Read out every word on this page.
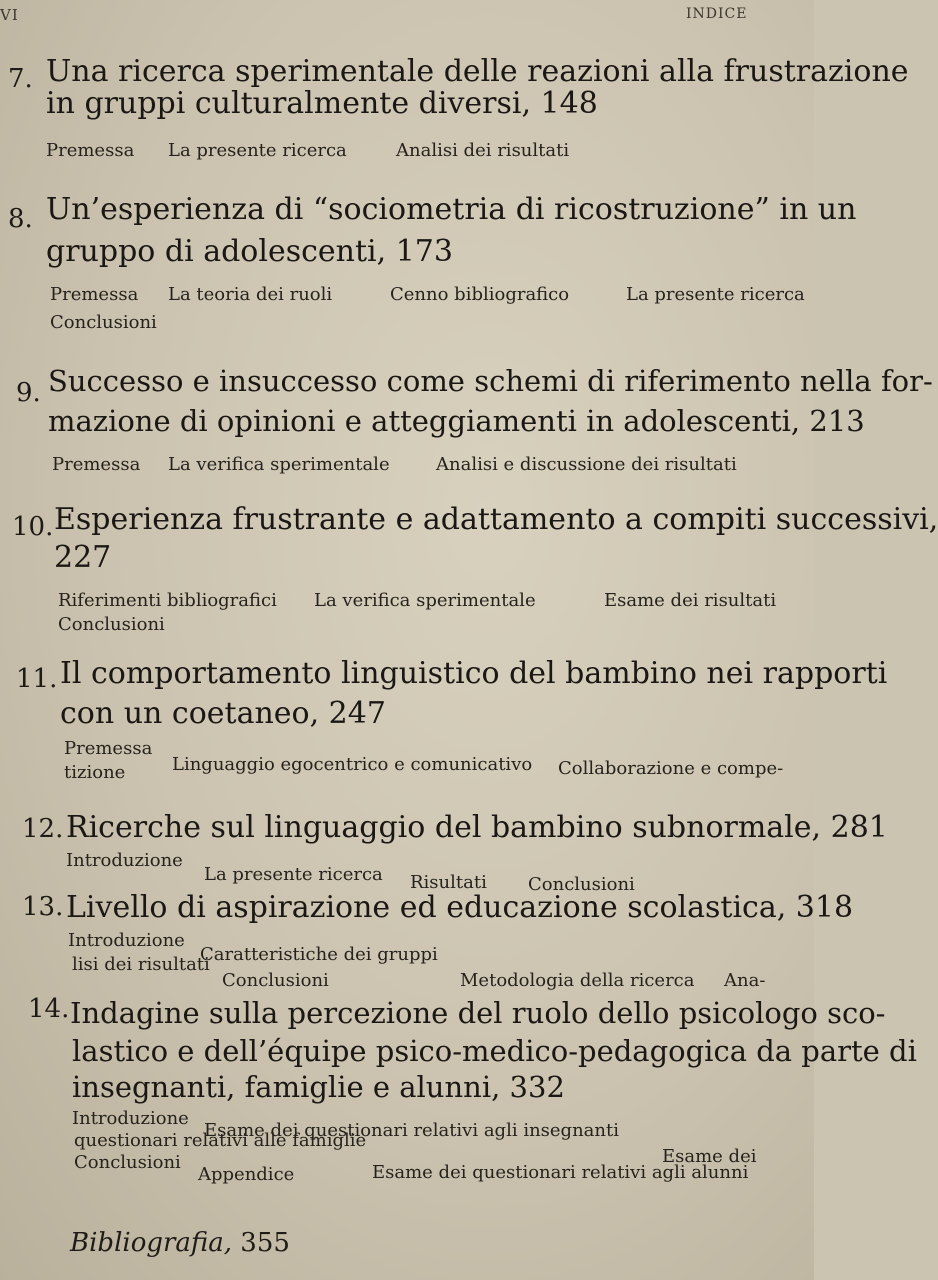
VI	INDICE
7. Una ricerca sperimentale delle reazioni alla frustrazione
in gruppi culturalmente diversi, 148
Premessa La presente ricerca	Analisi dei risultati
8. Un’esperienza di “sociometria di ricostruzione” in un
gruppo di adolescenti, 173
Premessa La teoria dei ruoli	Cenno bibliografico	La presente ricerca
Conclusioni
9. Successo e insuccesso come schemi di riferimento nella for-
mazione di opinioni e atteggiamenti in adolescenti, 213
Premessa La verifica sperimentale	Analisi e discussione dei risultati
10. Esperienza frustrante e adattamento a compiti successivi,
227
Riferimenti bibliografici La verifica sperimentale	Esame dei risultati
Conclusioni
11. Il comportamento linguistico del bambino nei rapporti
con un coetaneo, 247
Premessa
Linguaggio egocentrico e comunicativo Collaborazione e compe-
tizione
12. Ricerche sul linguaggio del bambino subnormale, 281
Introduzione
La presente ricerca Risultati Conclusioni
13. Livello di aspirazione ed educazione scolastica, 318
Introduzione
Caratteristiche dei gruppi
Metodologia della ricerca Ana-
lisi dei risultati
Conclusioni
14. Indagine sulla percezione del ruolo dello psicologo sco-
lastico e dell’équipe psico-medico-pedagogica da parte di
insegnanti, famiglie e alunni, 332
Introduzione
Esame dei questionari relativi agli insegnanti
Esame dei
questionari relativi alle famiglie
Esame dei questionari relativi agli alunni
Conclusioni
Appendice
Bibliografia, 355
